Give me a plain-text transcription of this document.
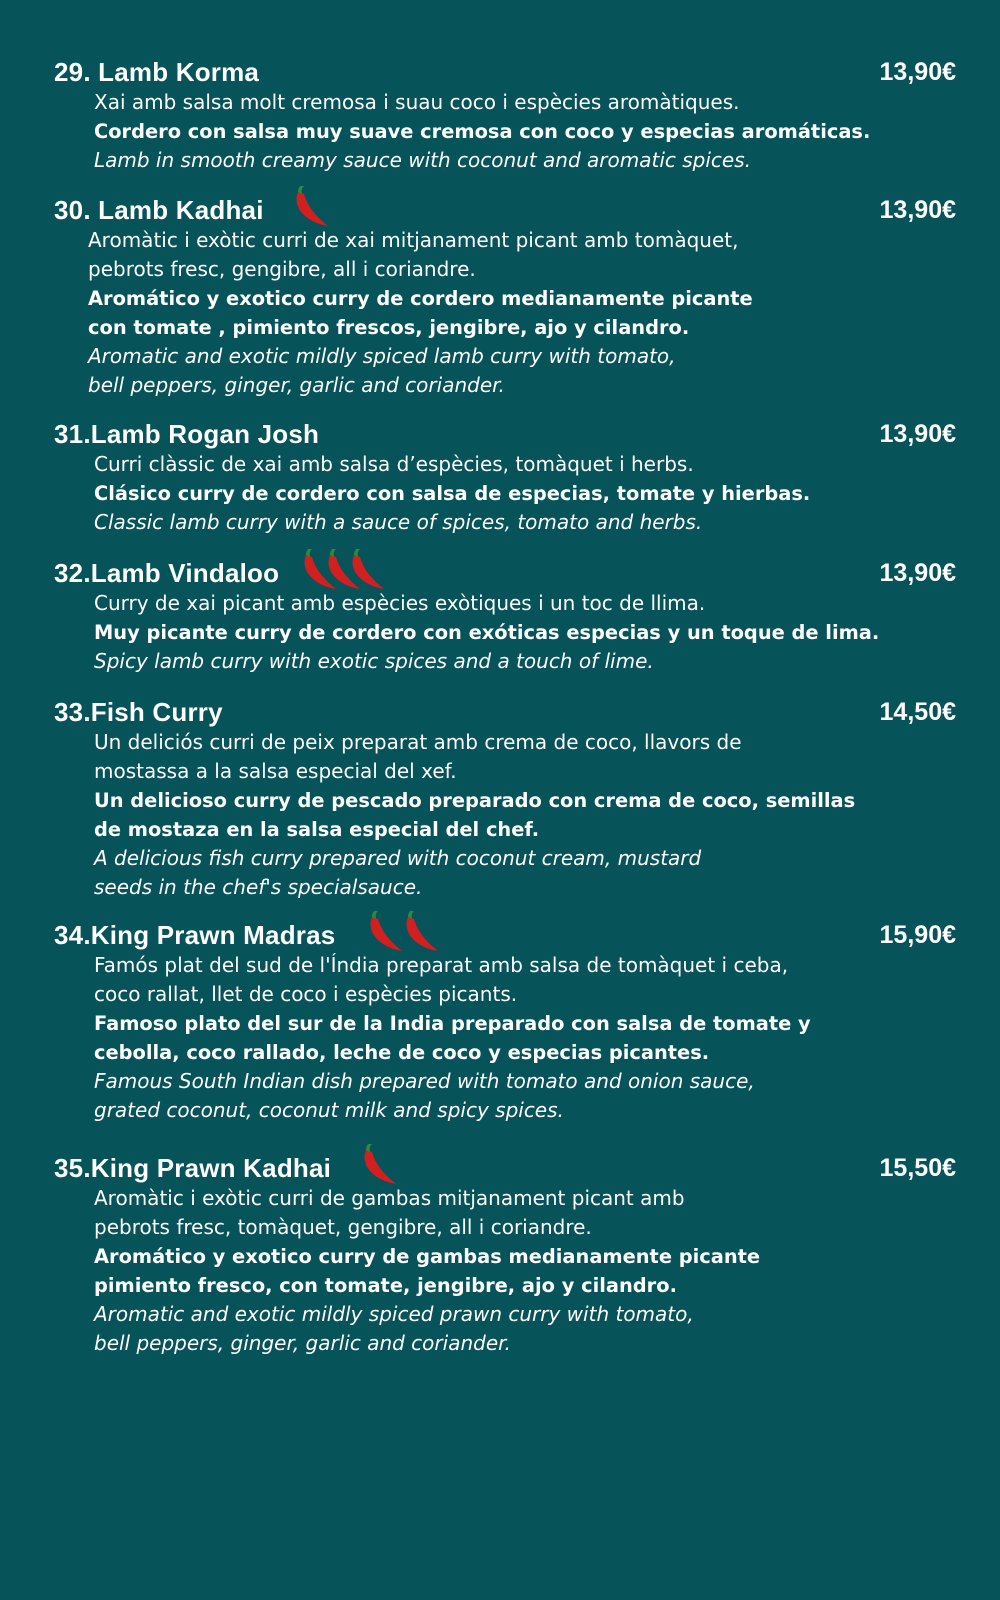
29. Lamb Korma	13,90€
Xai amb salsa molt cremosa i suau coco i espècies aromàtiques.
Cordero con salsa muy suave cremosa con coco y especias aromáticas.
Lamb in smooth creamy sauce with coconut and aromatic spices.
30. Lamb Kadhai	13,90€
Aromàtic i exòtic curri de xai mitjanament picant amb tomàquet,
pebrots fresc, gengibre, all i coriandre.
Aromático y exotico curry de cordero medianamente picante
con tomate , pimiento frescos, jengibre, ajo y cilandro.
Aromatic and exotic mildly spiced lamb curry with tomato,
bell peppers, ginger, garlic and coriander.
31.Lamb Rogan Josh	13,90€
Curri clàssic de xai amb salsa d’espècies, tomàquet i herbs.
Clásico curry de cordero con salsa de especias, tomate y hierbas.
Classic lamb curry with a sauce of spices, tomato and herbs.
32.Lamb Vindaloo	13,90€
Curry de xai picant amb espècies exòtiques i un toc de llima.
Muy picante curry de cordero con exóticas especias y un toque de lima.
Spicy lamb curry with exotic spices and a touch of lime.
33.Fish Curry	14,50€
Un deliciós curri de peix preparat amb crema de coco, llavors de
mostassa a la salsa especial del xef.
Un delicioso curry de pescado preparado con crema de coco, semillas
de mostaza en la salsa especial del chef.
A delicious fish curry prepared with coconut cream, mustard
seeds in the chef's specialsauce.
34.King Prawn Madras	15,90€
Famós plat del sud de l'Índia preparat amb salsa de tomàquet i ceba,
coco rallat, llet de coco i espècies picants.
Famoso plato del sur de la India preparado con salsa de tomate y
cebolla, coco rallado, leche de coco y especias picantes.
Famous South Indian dish prepared with tomato and onion sauce,
grated coconut, coconut milk and spicy spices.
35.King Prawn Kadhai	15,50€
Aromàtic i exòtic curri de gambas mitjanament picant amb
pebrots fresc, tomàquet, gengibre, all i coriandre.
Aromático y exotico curry de gambas medianamente picante
pimiento fresco, con tomate, jengibre, ajo y cilandro.
Aromatic and exotic mildly spiced prawn curry with tomato,
bell peppers, ginger, garlic and coriander.
